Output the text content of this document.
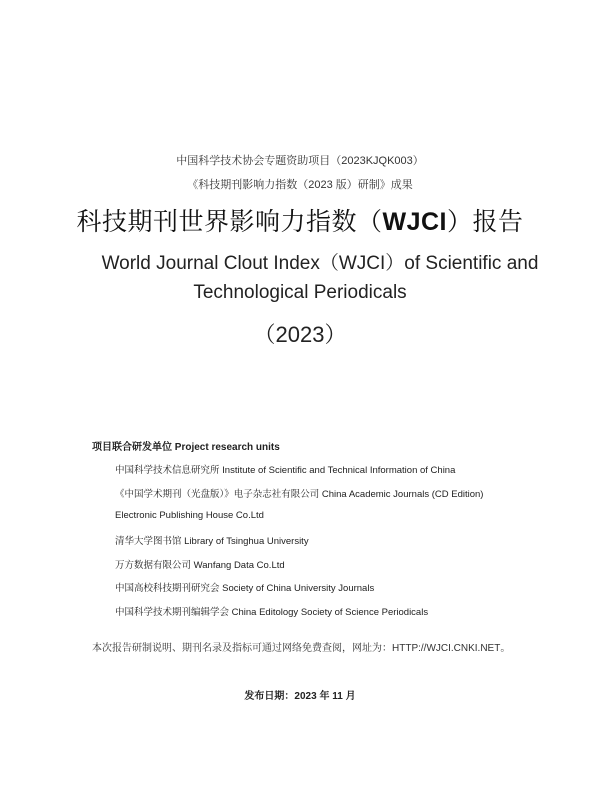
中国科学技术协会专题资助项目（2023KJQK003）
《科技期刊影响力指数（2023 版）研制》成果
科技期刊世界影响力指数（WJCI）报告
World Journal Clout Index（WJCI）of Scientific and
Technological Periodicals
（2023）
项目联合研发单位 Project research units
中国科学技术信息研究所 Institute of Scientific and Technical Information of China
《中国学术期刊（光盘版）》电子杂志社有限公司 China Academic Journals (CD Edition)
Electronic Publishing House Co.Ltd
清华大学图书馆 Library of Tsinghua University
万方数据有限公司 Wanfang Data Co.Ltd
中国高校科技期刊研究会 Society of China University Journals
中国科学技术期刊编辑学会 China Editology Society of Science Periodicals
本次报告研制说明、期刊名录及指标可通过网络免费查阅，网址为：HTTP://WJCI.CNKI.NET。
发布日期：2023 年 11 月
